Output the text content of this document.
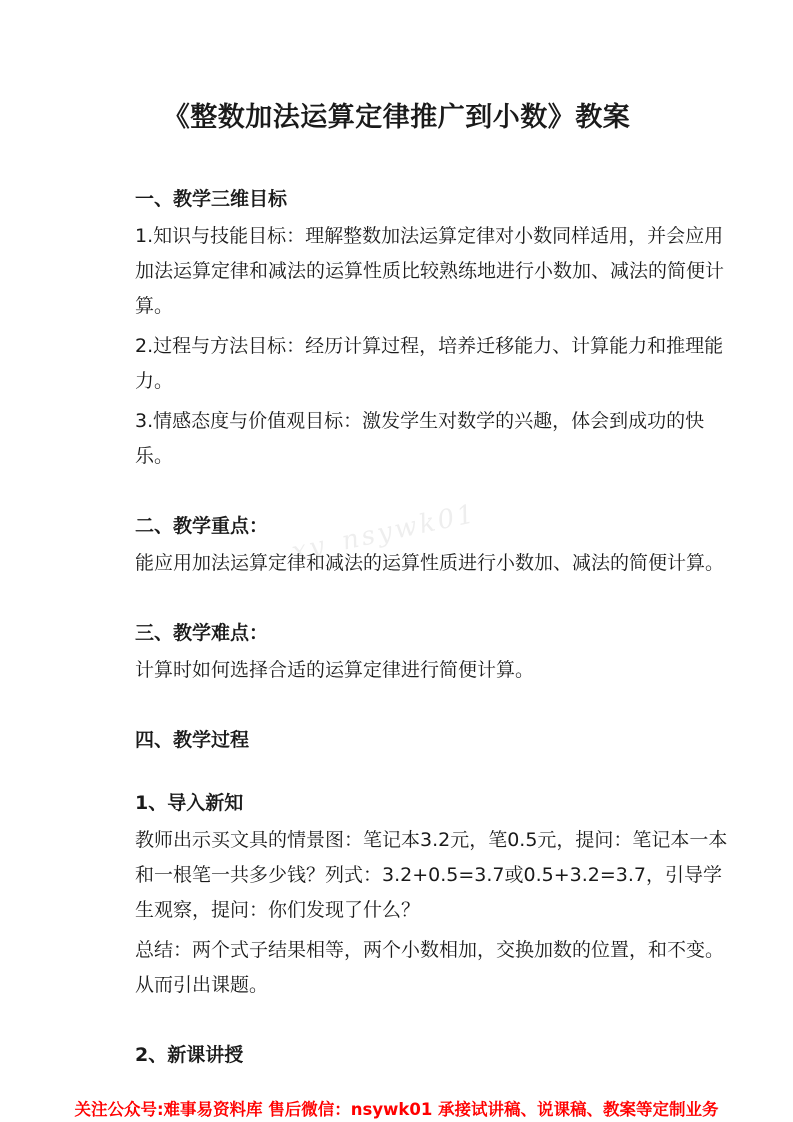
《整数加法运算定律推广到小数》教案
一、教学三维目标

1.知识与技能目标：理解整数加法运算定律对小数同样适用，并会应用加法运算定律和减法的运算性质比较熟练地进行小数加、减法的简便计算。

2.过程与方法目标：经历计算过程，培养迁移能力、计算能力和推理能力。

3.情感态度与价值观目标：激发学生对数学的兴趣，体会到成功的快乐。

二、教学重点：

能应用加法运算定律和减法的运算性质进行小数加、减法的简便计算。

三、教学难点：

计算时如何选择合适的运算定律进行简便计算。

四、教学过程
1、导入新知

教师出示买文具的情景图：笔记本3.2元，笔0.5元，提问：笔记本一本和一根笔一共多少钱？列式：3.2+0.5=3.7或0.5+3.2=3.7，引导学生观察，提问：你们发现了什么？

总结：两个式子结果相等，两个小数相加，交换加数的位置，和不变。从而引出课题。

2、新课讲授
xy_nsywk01
关注公众号:难事易资料库 售后微信：nsywk01 承接试讲稿、说课稿、教案等定制业务
